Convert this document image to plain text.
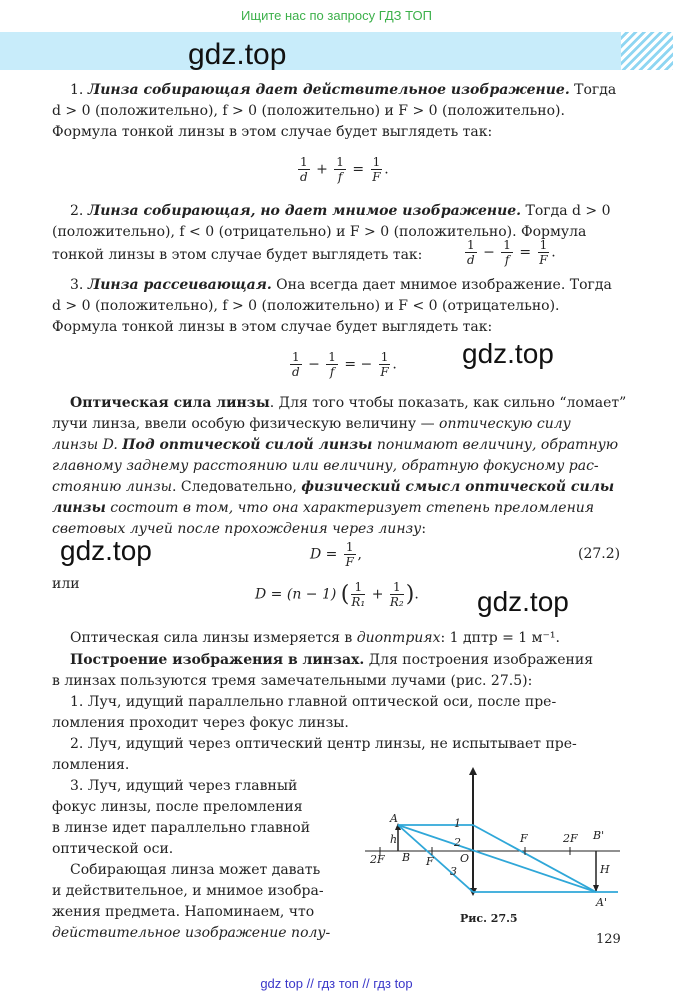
Ищите нас по запросу ГДЗ ТОП
gdz.top
gdz.top
gdz.top
gdz.top
1. Линза собирающая дает действительное изображение. Тогда
d > 0 (положительно), f > 0 (положительно) и F > 0 (положительно).
Формула тонкой линзы в этом случае будет выглядеть так:
$\frac{1}{d} + \frac{1}{f} = \frac{1}{F}$ .
2. Линза собирающая, но дает мнимое изображение. Тогда d > 0
(положительно), f < 0 (отрицательно) и F > 0 (положительно). Формула
тонкой линзы в этом случае будет выглядеть так:	$\frac{1}{d} - \frac{1}{f} = \frac{1}{F}$ .
3. Линза рассеивающая. Она всегда дает мнимое изображение. Тогда
d > 0 (положительно), f > 0 (положительно) и F < 0 (отрицательно).
Формула тонкой линзы в этом случае будет выглядеть так:
$\frac{1}{d} - \frac{1}{f}$ = − $\frac{1}{F}$ .
Оптическая сила линзы. Для того чтобы показать, как сильно “ломает”
лучи линза, ввели особую физическую величину — оптическую силу
линзы D. Под оптической силой линзы понимают величину, обратную
главному заднему расстоянию или величину, обратную фокусному рас-
стоянию линзы. Следовательно, физический смысл оптической силы
линзы состоит в том, что она характеризует степень преломления
световых лучей после прохождения через линзу:
$D = \frac{1}{F}$ ,	(27.2)
или
D = (n − 1) ( $\frac{1}{\text{R₁}} + \frac{1}{\text{R₂}}$ ).
Оптическая сила линзы измеряется в диоптриях: 1 дптр = 1 м⁻¹.
Построение изображения в линзах. Для построения изображения
в линзах пользуются тремя замечательными лучами (рис. 27.5):
1. Луч, идущий параллельно главной оптической оси, после пре-
ломления проходит через фокус линзы.
2. Луч, идущий через оптический центр линзы, не испытывает пре-
ломления.
3. Луч, идущий через главный
фокус линзы, после преломления
в линзе идет параллельно главной
оптической оси.
Собирающая линза может давать
и действительное, и мнимое изобра-
жения предмета. Напоминаем, что
действительное изображение полу-
A
B
h
2F	F O
F	2F B'
H
A'
1
2
3
Рис. 27.5
129
gdz top // гдз топ // гдз top
